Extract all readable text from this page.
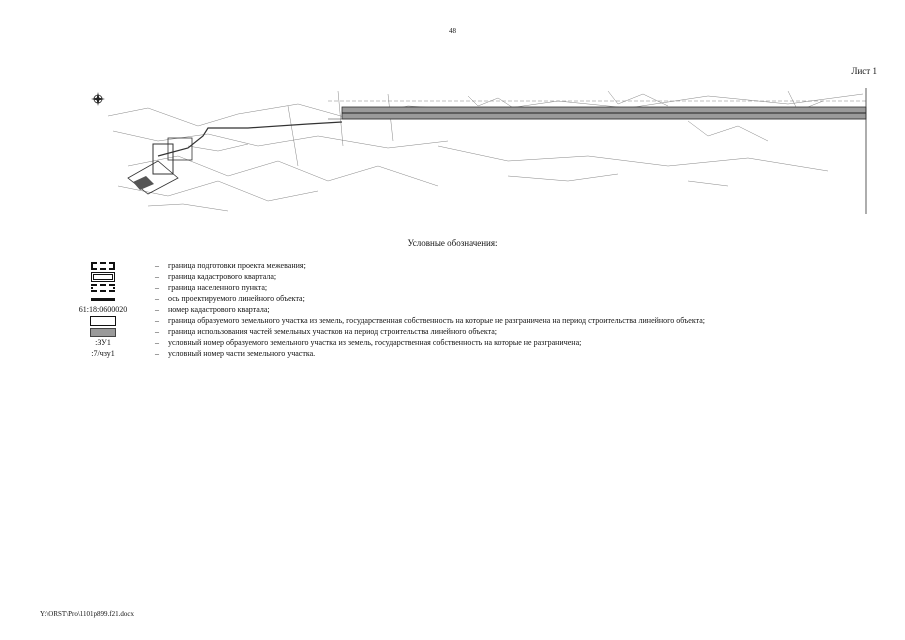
48
Лист 1
Условные обозначения:
–	граница подготовки проекта межевания;
–	граница кадастрового квартала;
–	граница населенного пункта;
–	ось проектируемого линейного объекта;
61:18:0600020	–	номер кадастрового квартала;
–	граница образуемого земельного участка из земель, государственная собственность на которые не разграничена на период строительства линейного объекта;
–	граница использования частей земельных участков на период строительства линейного объекта;
:ЗУ1	–	условный номер образуемого земельного участка из земель, государственная собственность на которые не разграничена;
:7/чзу1	–	условный номер части земельного участка.
Y:\ORST\Pro\1101p899.f21.docx
